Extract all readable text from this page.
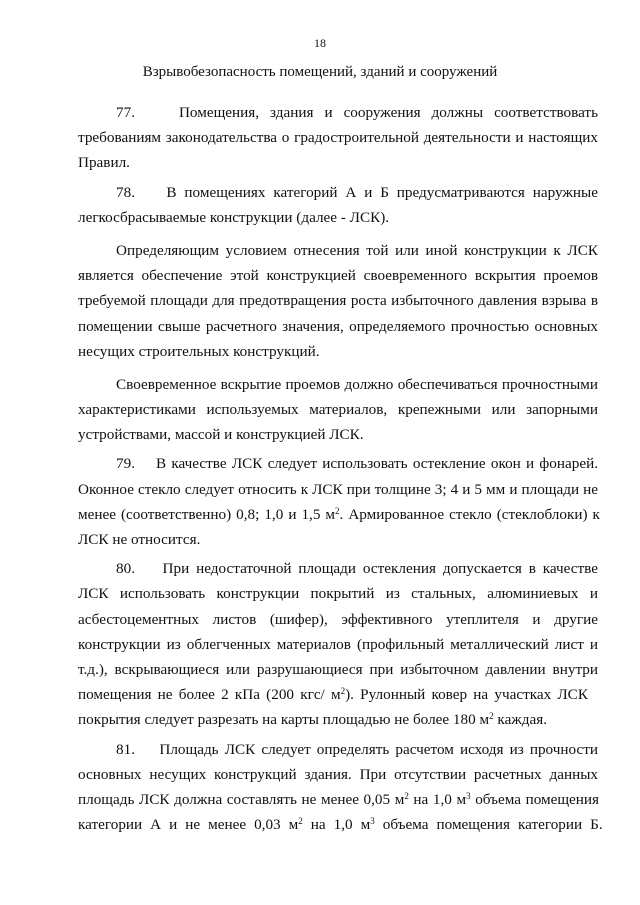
18
Взрывобезопасность помещений, зданий и сооружений
77.    Помещения, здания и сооружения должны соответствовать
требованиям законодательства о градостроительной деятельности и настоящих
Правил.
78.    В помещениях категорий А и Б предусматриваются наружные
легкосбрасываемые конструкции (далее - ЛСК).
Определяющим условием отнесения той или иной конструкции к ЛСК
является обеспечение этой конструкцией своевременного вскрытия проемов
требуемой площади для предотвращения роста избыточного давления взрыва в
помещении свыше расчетного значения, определяемого прочностью основных
несущих строительных конструкций.
Своевременное вскрытие проемов должно обеспечиваться прочностными
характеристиками используемых материалов, крепежными или запорными
устройствами, массой и конструкцией ЛСК.
79.    В качестве ЛСК следует использовать остекление окон и фонарей.
Оконное стекло следует относить к ЛСК при толщине 3; 4 и 5 мм и площади не
менее (соответственно) 0,8; 1,0 и 1,5 $м^2$. Армированное стекло (стеклоблоки) к
ЛСК не относится.
80.    При недостаточной площади остекления допускается в качестве
ЛСК использовать конструкции покрытий из стальных, алюминиевых и
асбестоцементных листов (шифер), эффективного утеплителя и другие
конструкции из облегченных материалов (профильный металлический лист и
т.д.), вскрывающиеся или разрушающиеся при избыточном давлении внутри
помещения не более 2 кПа (200 кгс/ $м^2$). Рулонный ковер на участках ЛСК
покрытия следует разрезать на карты площадью не более 180 $м^2$ каждая.
81.    Площадь ЛСК следует определять расчетом исходя из прочности
основных несущих конструкций здания. При отсутствии расчетных данных
площадь ЛСК должна составлять не менее 0,05 $м^2$ на 1,0 $м^3$ объема помещения
категории А и не менее 0,03 $м^2$ на 1,0 $м^3$ объема помещения категории Б.
